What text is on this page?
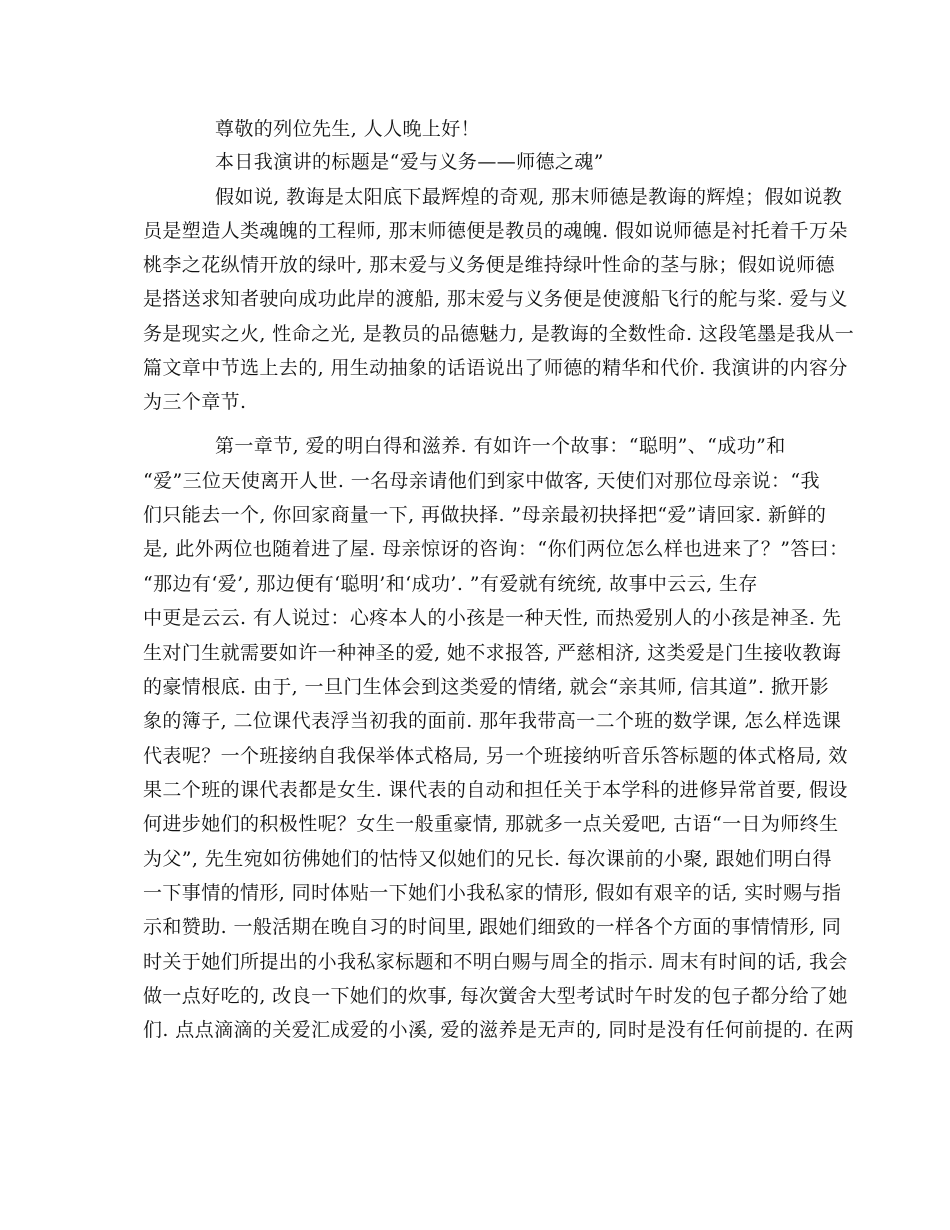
尊敬的列位先生, 人人晚上好！
本日我演讲的标题是“爱与义务——师德之魂”
假如说, 教诲是太阳底下最辉煌的奇观, 那末师德是教诲的辉煌；假如说教
员是塑造人类魂魄的工程师, 那末师德便是教员的魂魄. 假如说师德是衬托着千万朵
桃李之花纵情开放的绿叶, 那末爱与义务便是维持绿叶性命的茎与脉；假如说师德
是搭送求知者驶向成功此岸的渡船, 那末爱与义务便是使渡船飞行的舵与桨. 爱与义
务是现实之火, 性命之光, 是教员的品德魅力, 是教诲的全数性命. 这段笔墨是我从一
篇文章中节选上去的, 用生动抽象的话语说出了师德的精华和代价. 我演讲的内容分
为三个章节.
第一章节, 爱的明白得和滋养. 有如许一个故事：“聪明”、“成功”和
“爱”三位天使离开人世. 一名母亲请他们到家中做客, 天使们对那位母亲说：“我
们只能去一个, 你回家商量一下, 再做抉择. ”母亲最初抉择把“爱”请回家. 新鲜的
是, 此外两位也随着进了屋. 母亲惊讶的咨询：“你们两位怎么样也进来了？”答曰：
“那边有‘爱’, 那边便有‘聪明’和‘成功’. ”有爱就有统统, 故事中云云, 生存
中更是云云. 有人说过：心疼本人的小孩是一种天性, 而热爱别人的小孩是神圣. 先
生对门生就需要如许一种神圣的爱, 她不求报答, 严慈相济, 这类爱是门生接收教诲
的豪情根底. 由于, 一旦门生体会到这类爱的情绪, 就会“亲其师, 信其道”. 掀开影
象的簿子, 二位课代表浮当初我的面前. 那年我带高一二个班的数学课, 怎么样选课
代表呢？一个班接纳自我保举体式格局, 另一个班接纳听音乐答标题的体式格局, 效
果二个班的课代表都是女生. 课代表的自动和担任关于本学科的进修异常首要, 假设
何进步她们的积极性呢？女生一般重豪情, 那就多一点关爱吧, 古语“一日为师终生
为父”, 先生宛如彷佛她们的怙恃又似她们的兄长. 每次课前的小聚, 跟她们明白得
一下事情的情形, 同时体贴一下她们小我私家的情形, 假如有艰辛的话, 实时赐与指
示和赞助. 一般活期在晚自习的时间里, 跟她们细致的一样各个方面的事情情形, 同
时关于她们所提出的小我私家标题和不明白赐与周全的指示. 周末有时间的话, 我会
做一点好吃的, 改良一下她们的炊事, 每次黉舍大型考试时午时发的包子都分给了她
们. 点点滴滴的关爱汇成爱的小溪, 爱的滋养是无声的, 同时是没有任何前提的. 在两
